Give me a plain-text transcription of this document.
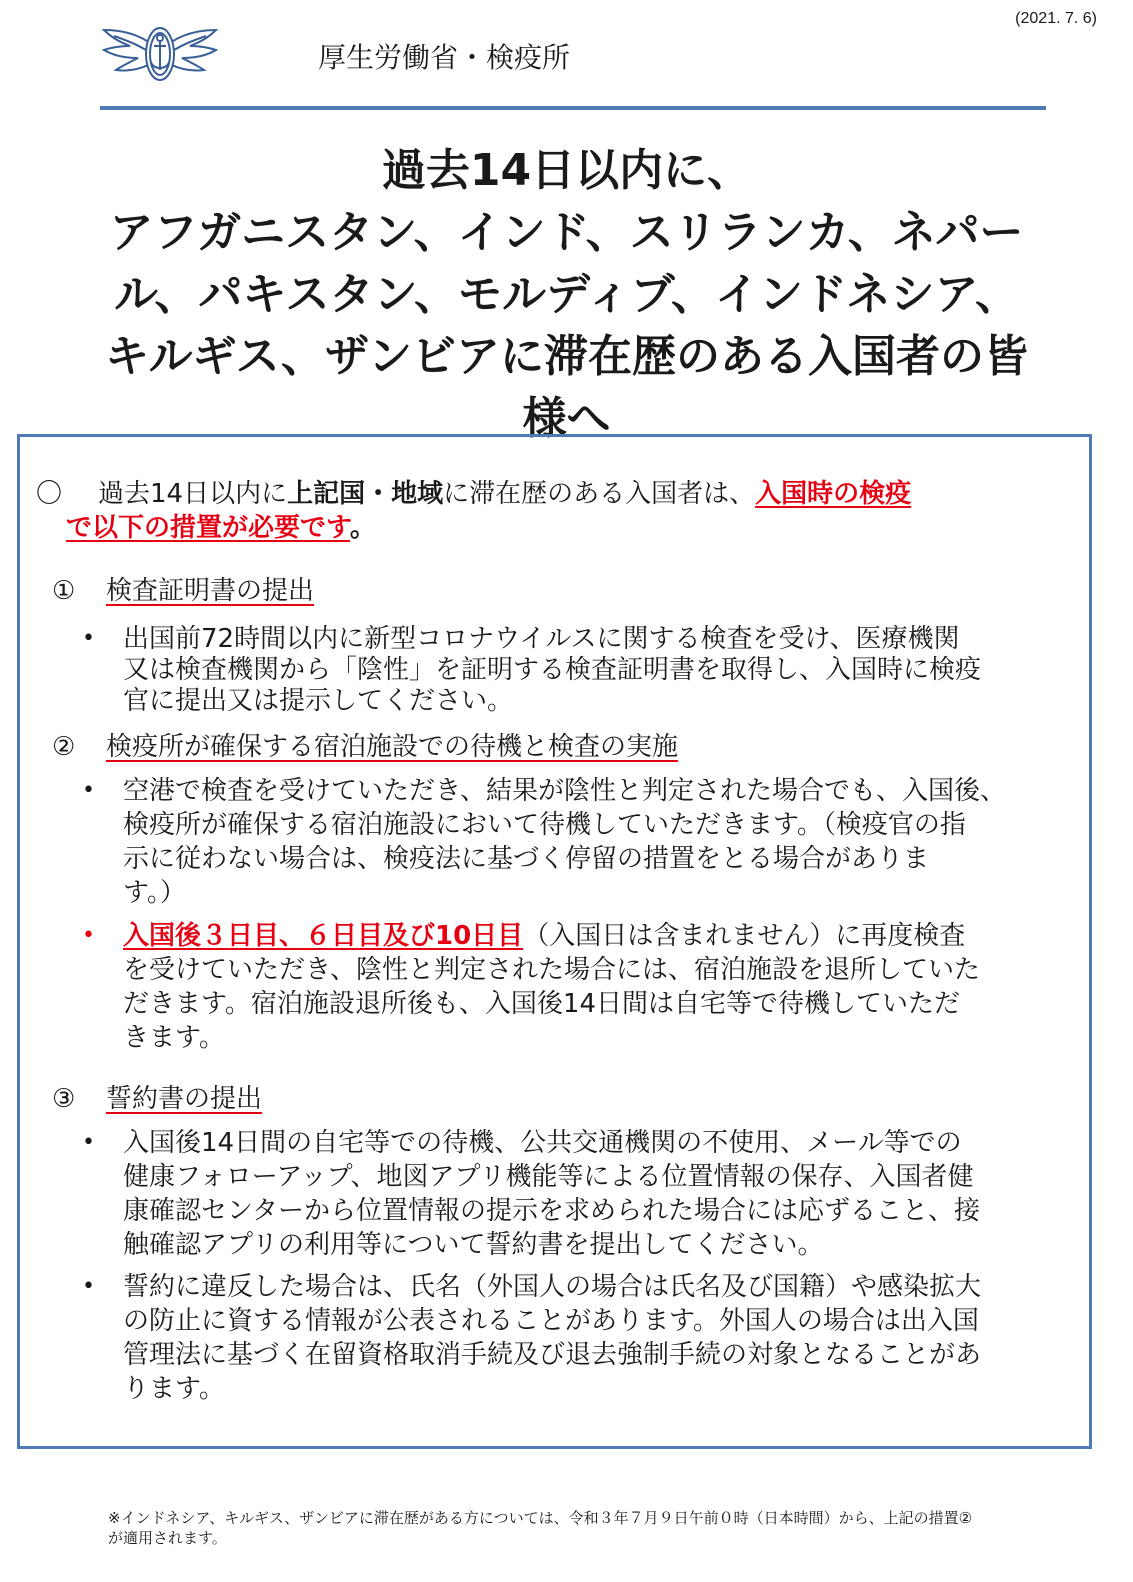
(2021. 7. 6)
厚生労働省・検疫所
過去14日以内に、
アフガニスタン、インド、スリランカ、ネパー
ル、パキスタン、モルディブ、インドネシア、
キルギス、ザンビアに滞在歴のある入国者の皆
様へ
〇 過去14日以内に上記国・地域に滞在歴のある入国者は、入国時の検疫
で以下の措置が必要です。
① 検査証明書の提出
• 出国前72時間以内に新型コロナウイルスに関する検査を受け、医療機関
又は検査機関から「陰性」を証明する検査証明書を取得し、入国時に検疫
官に提出又は提示してください。
② 検疫所が確保する宿泊施設での待機と検査の実施
• 空港で検査を受けていただき、結果が陰性と判定された場合でも、入国後、
検疫所が確保する宿泊施設において待機していただきます。（検疫官の指
示に従わない場合は、検疫法に基づく停留の措置をとる場合がありま
す。）
• 入国後３日目、６日目及び10日目（入国日は含まれません）に再度検査
を受けていただき、陰性と判定された場合には、宿泊施設を退所していた
だきます。宿泊施設退所後も、入国後14日間は自宅等で待機していただ
きます。
③ 誓約書の提出
• 入国後14日間の自宅等での待機、公共交通機関の不使用、メール等での
健康フォローアップ、地図アプリ機能等による位置情報の保存、入国者健
康確認センターから位置情報の提示を求められた場合には応ずること、接
触確認アプリの利用等について誓約書を提出してください。
• 誓約に違反した場合は、氏名（外国人の場合は氏名及び国籍）や感染拡大
の防止に資する情報が公表されることがあります。外国人の場合は出入国
管理法に基づく在留資格取消手続及び退去強制手続の対象となることがあ
ります。
※インドネシア、キルギス、ザンビアに滞在歴がある方については、令和３年７月９日午前０時（日本時間）から、上記の措置②
が適用されます。
